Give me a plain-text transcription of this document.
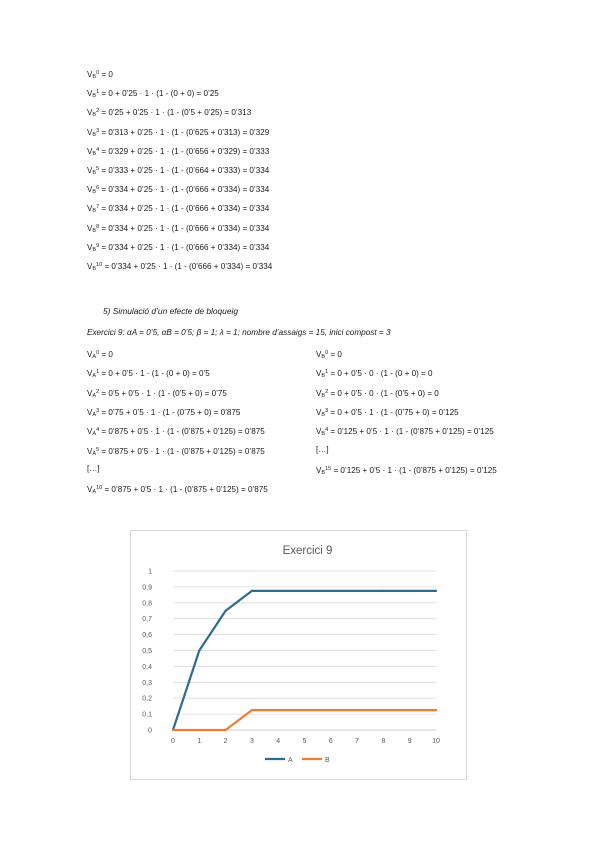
$V_B^0 = 0$
$V_B^1 = 0$ + 0’25 · 1 · (1 - (0 + 0) = 0’25
$V_B^2$ = 0’25 + 0’25 · 1 · (1 - (0’5 + 0’25) = 0’313
$V_B^3$ = 0’313 + 0’25 · 1 · (1 - (0’625 + 0’313) = 0’329
$V_B^4$ = 0’329 + 0’25 · 1 · (1 - (0’656 + 0’329) = 0’333
$V_B^5$ = 0’333 + 0’25 · 1 · (1 - (0’664 + 0’333) = 0’334
$V_B^6$ = 0’334 + 0’25 · 1 · (1 - (0’666 + 0’334) = 0’334
$V_B^7$ = 0’334 + 0’25 · 1 · (1 - (0’666 + 0’334) = 0’334
$V_B^8$ = 0’334 + 0’25 · 1 · (1 - (0’666 + 0’334) = 0’334
$V_B^9$ = 0’334 + 0’25 · 1 · (1 - (0’666 + 0’334) = 0’334
$V_B^{10}$ = 0’334 + 0’25 · 1 · (1 - (0’666 + 0’334) = 0’334
5) Simulació d’un efecte de bloqueig
Exercici 9: αA = 0’5, αB = 0’5; β = 1; λ = 1; nombre d’assaigs = 15, inici compost = 3
$V_A^0 = 0$
$V_A^1 = 0$ + 0’5 · 1 · (1 - (0 + 0) = 0’5
$V_A^2$ = 0’5 + 0’5 · 1 · (1 - (0’5 + 0) = 0’75
$V_A^3$ = 0’75 + 0’5 · 1 · (1 - (0’75 + 0) = 0’875
$V_A^4$ = 0’875 + 0’5 · 1 · (1 - (0’875 + 0’125) = 0’875
$V_A^5$ = 0’875 + 0’5 · 1 · (1 - (0’875 + 0’125) = 0’875
[…]
$V_A^{10}$ = 0’875 + 0’5 · 1 · (1 - (0’875 + 0’125) = 0’875
$V_B^0 = 0$
$V_B^1 = 0$ + 0’5 · 0 · (1 - (0 + 0) = 0
$V_B^2 = 0$ + 0’5 · 0 · (1 - (0’5 + 0) = 0
$V_B^3 = 0$ + 0’5 · 1 · (1 - (0’75 + 0) = 0’125
$V_B^4$ = 0’125 + 0’5 · 1 · (1 - (0’875 + 0’125) = 0’125
[…]
$V_B^{15}$ = 0’125 + 0’5 · 1 · (1 - (0’875 + 0’125) = 0’125
Exercici 9
0
0,1
0,2
0,3
0,4
0,5
0,6
0,7
0,8
0,9
1
0	1	2	3	4	5	6	7	8	9	10
A	B
